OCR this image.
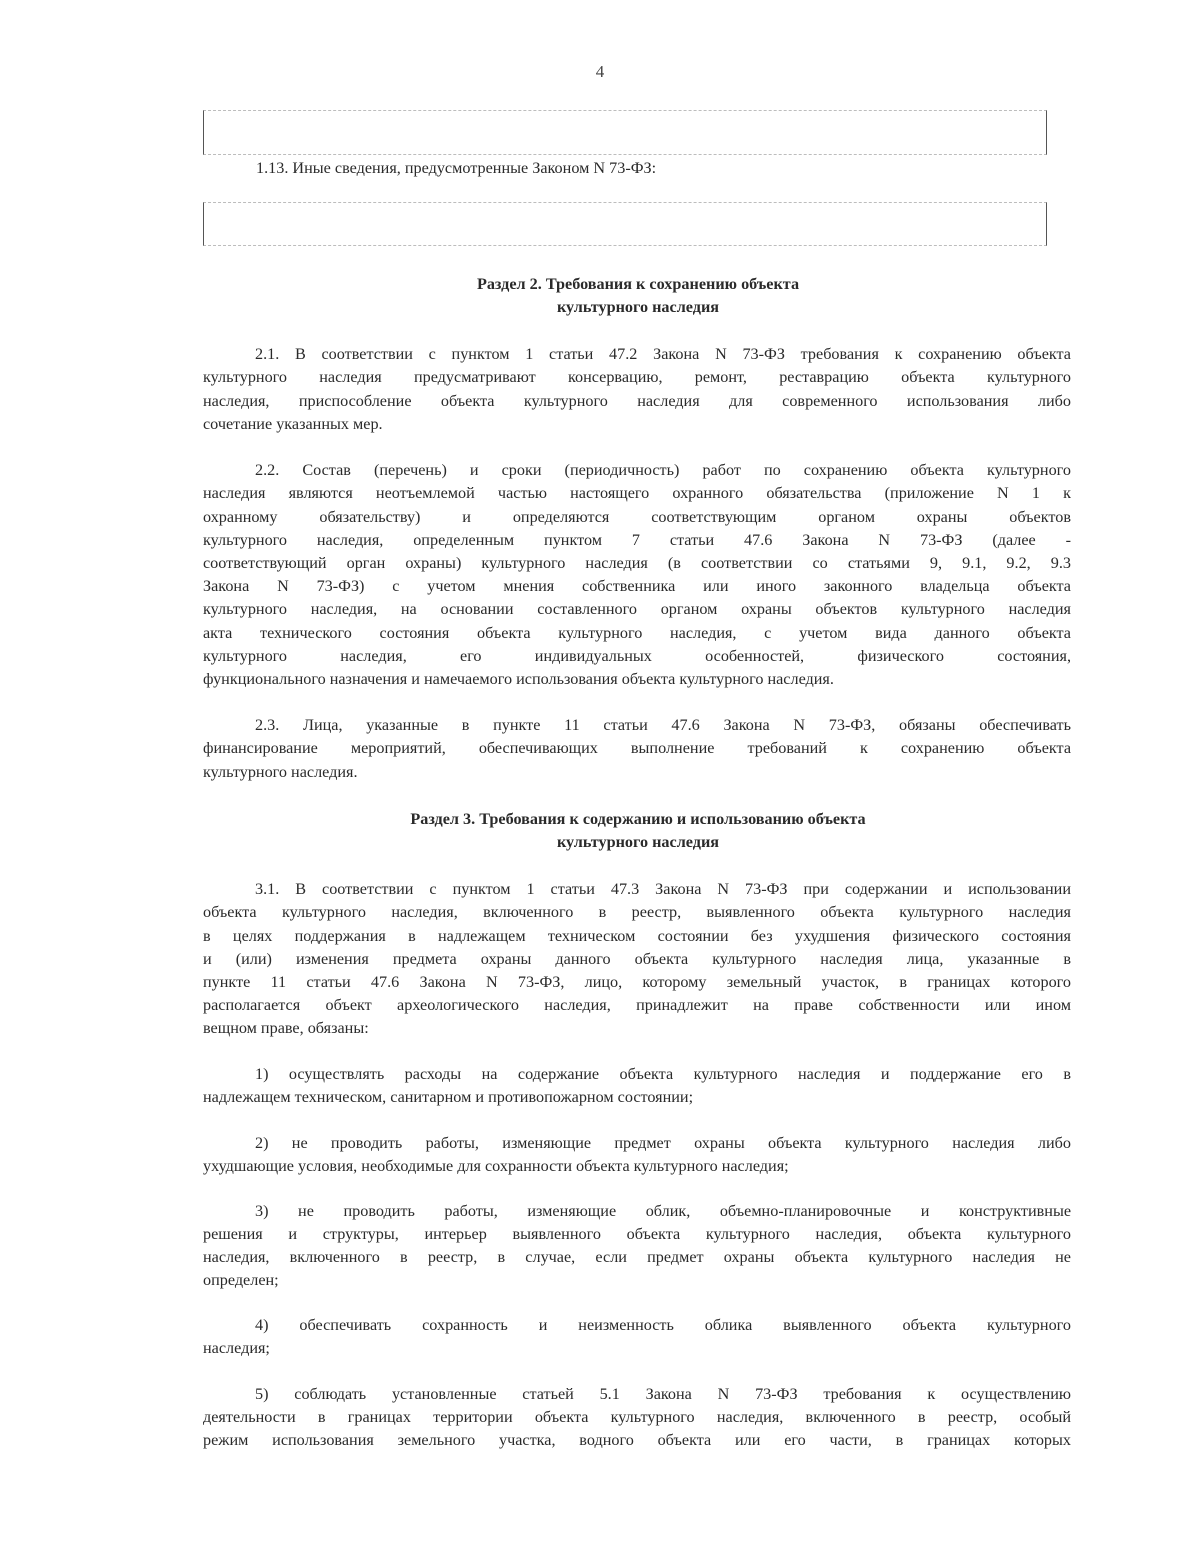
4
1.13. Иные сведения, предусмотренные Законом N 73-ФЗ:
Раздел 2. Требования к сохранению объекта
культурного наследия
2.1. В соответствии с пунктом 1 статьи 47.2 Закона N 73-ФЗ требования к сохранению объекта
культурного наследия предусматривают консервацию, ремонт, реставрацию объекта культурного
наследия, приспособление объекта культурного наследия для современного использования либо
сочетание указанных мер.
2.2. Состав (перечень) и сроки (периодичность) работ по сохранению объекта культурного
наследия являются неотъемлемой частью настоящего охранного обязательства (приложение N 1 к
охранному обязательству) и определяются соответствующим органом охраны объектов
культурного наследия, определенным пунктом 7 статьи 47.6 Закона N 73-ФЗ (далее -
соответствующий орган охраны) культурного наследия (в соответствии со статьями 9, 9.1, 9.2, 9.3
Закона N 73-ФЗ) с учетом мнения собственника или иного законного владельца объекта
культурного наследия, на основании составленного органом охраны объектов культурного наследия
акта технического состояния объекта культурного наследия, с учетом вида данного объекта
культурного наследия, его индивидуальных особенностей, физического состояния,
функционального назначения и намечаемого использования объекта культурного наследия.
2.3. Лица, указанные в пункте 11 статьи 47.6 Закона N 73-ФЗ, обязаны обеспечивать
финансирование мероприятий, обеспечивающих выполнение требований к сохранению объекта
культурного наследия.
Раздел 3. Требования к содержанию и использованию объекта
культурного наследия
3.1. В соответствии с пунктом 1 статьи 47.3 Закона N 73-ФЗ при содержании и использовании
объекта культурного наследия, включенного в реестр, выявленного объекта культурного наследия
в целях поддержания в надлежащем техническом состоянии без ухудшения физического состояния
и (или) изменения предмета охраны данного объекта культурного наследия лица, указанные в
пункте 11 статьи 47.6 Закона N 73-ФЗ, лицо, которому земельный участок, в границах которого
располагается объект археологического наследия, принадлежит на праве собственности или ином
вещном праве, обязаны:
1) осуществлять расходы на содержание объекта культурного наследия и поддержание его в
надлежащем техническом, санитарном и противопожарном состоянии;
2) не проводить работы, изменяющие предмет охраны объекта культурного наследия либо
ухудшающие условия, необходимые для сохранности объекта культурного наследия;
3) не проводить работы, изменяющие облик, объемно-планировочные и конструктивные
решения и структуры, интерьер выявленного объекта культурного наследия, объекта культурного
наследия, включенного в реестр, в случае, если предмет охраны объекта культурного наследия не
определен;
4) обеспечивать сохранность и неизменность облика выявленного объекта культурного
наследия;
5) соблюдать установленные статьей 5.1 Закона N 73-ФЗ требования к осуществлению
деятельности в границах территории объекта культурного наследия, включенного в реестр, особый
режим использования земельного участка, водного объекта или его части, в границах которых
